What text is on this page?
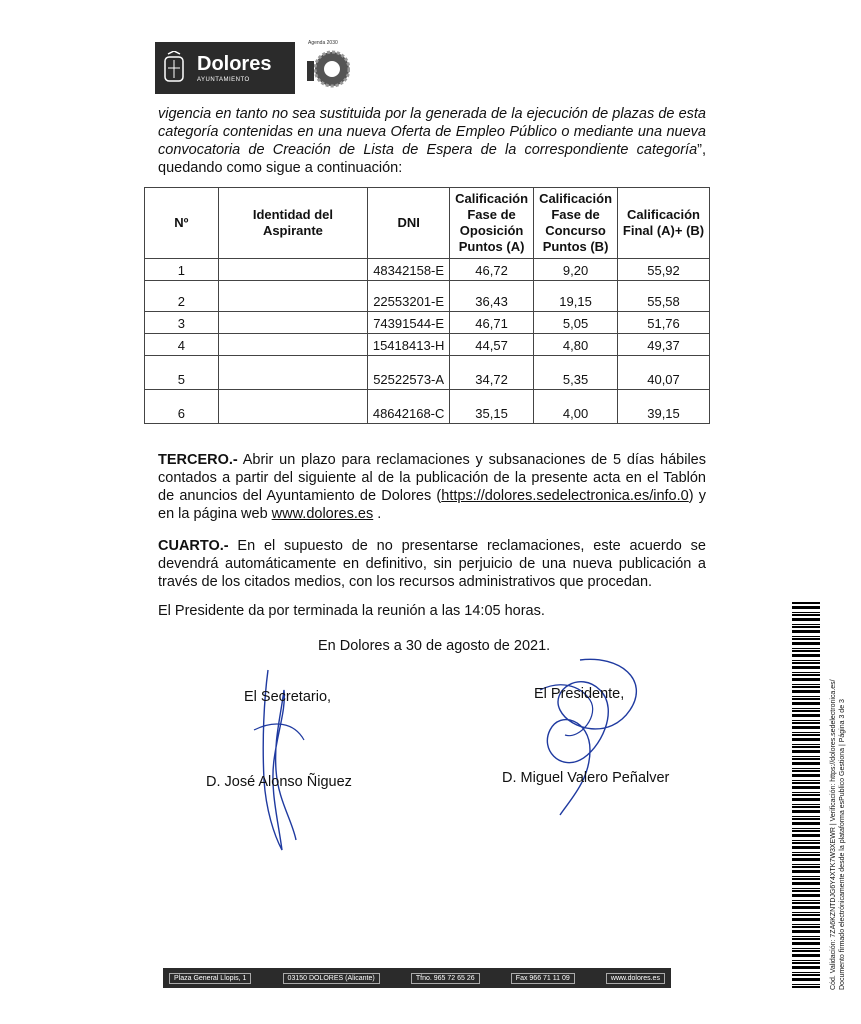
Dolores
AYUNTAMIENTO
Agenda 2030

vigencia en tanto no sea sustituida por la generada de la ejecución de plazas de esta categoría contenidas en una nueva Oferta de Empleo Público o mediante una nueva convocatoria de Creación de Lista de Espera de la correspondiente categoría”, quedando como sigue a continuación:

Nº	Identidad del Aspirante	DNI	Calificación Fase de Oposición Puntos (A)	Calificación Fase de Concurso Puntos (B)	Calificación Final (A)+ (B)
1		48342158-E	46,72	9,20	55,92
2		22553201-E	36,43	19,15	55,58
3		74391544-E	46,71	5,05	51,76
4		15418413-H	44,57	4,80	49,37
5		52522573-A	34,72	5,35	40,07
6		48642168-C	35,15	4,00	39,15

TERCERO.- Abrir un plazo para reclamaciones y subsanaciones de 5 días hábiles contados a partir del siguiente al de la publicación de la presente acta en el Tablón de anuncios del Ayuntamiento de Dolores (https://dolores.sedelectronica.es/info.0) y en la página web www.dolores.es .

CUARTO.- En el supuesto de no presentarse reclamaciones, este acuerdo se devendrá automáticamente en definitivo, sin perjuicio de una nueva publicación a través de los citados medios, con los recursos administrativos que procedan.

El Presidente da por terminada la reunión a las 14:05 horas.

En Dolores a 30 de agosto de 2021.

El Secretario,	El Presidente,

D. José Alonso Ñiguez	D. Miguel Valero Peñalver

Plaza General Llopis, 1	03150 DOLORES (Alicante)	Tfno. 965 72 65 26	Fax 966 71 11 09	www.dolores.es	Cód. Validación: 7ZA6KZNTDJG6Y4XTK7W3XEWR | Verificación: https://dolores.sedelectronica.es/ Documento firmado electrónicamente desde la plataforma esPublico Gestiona | Página 3 de 3
